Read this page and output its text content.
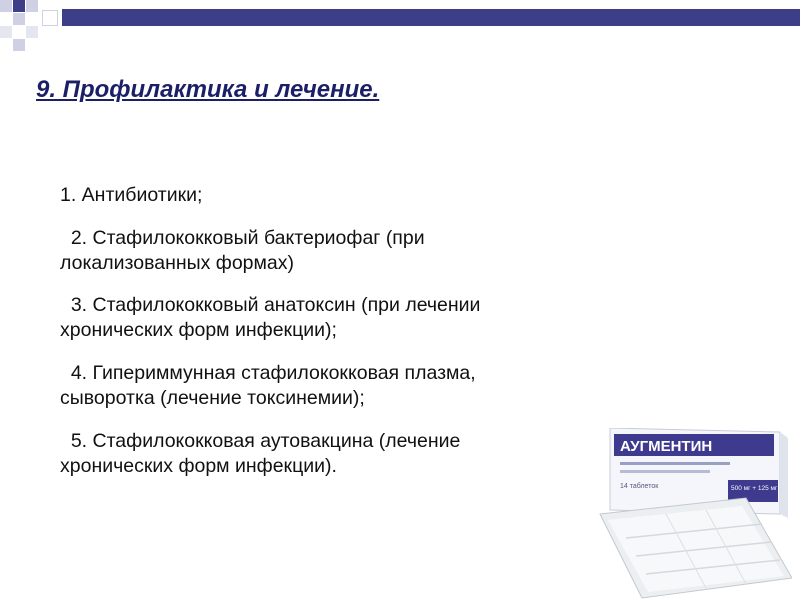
9. Профилактика и лечение.
1. Антибиотики;
2. Стафилококковый бактериофаг (при
локализованных формах)
3. Стафилококковый анатоксин (при лечении
хронических форм инфекции);
4. Гипериммунная стафилококковая плазма,
сыворотка (лечение токсинемии);
5. Стафилококковая аутовакцина (лечение
хронических форм инфекции).
АУГМЕНТИН
14 таблеток	500 мг + 125 мг
